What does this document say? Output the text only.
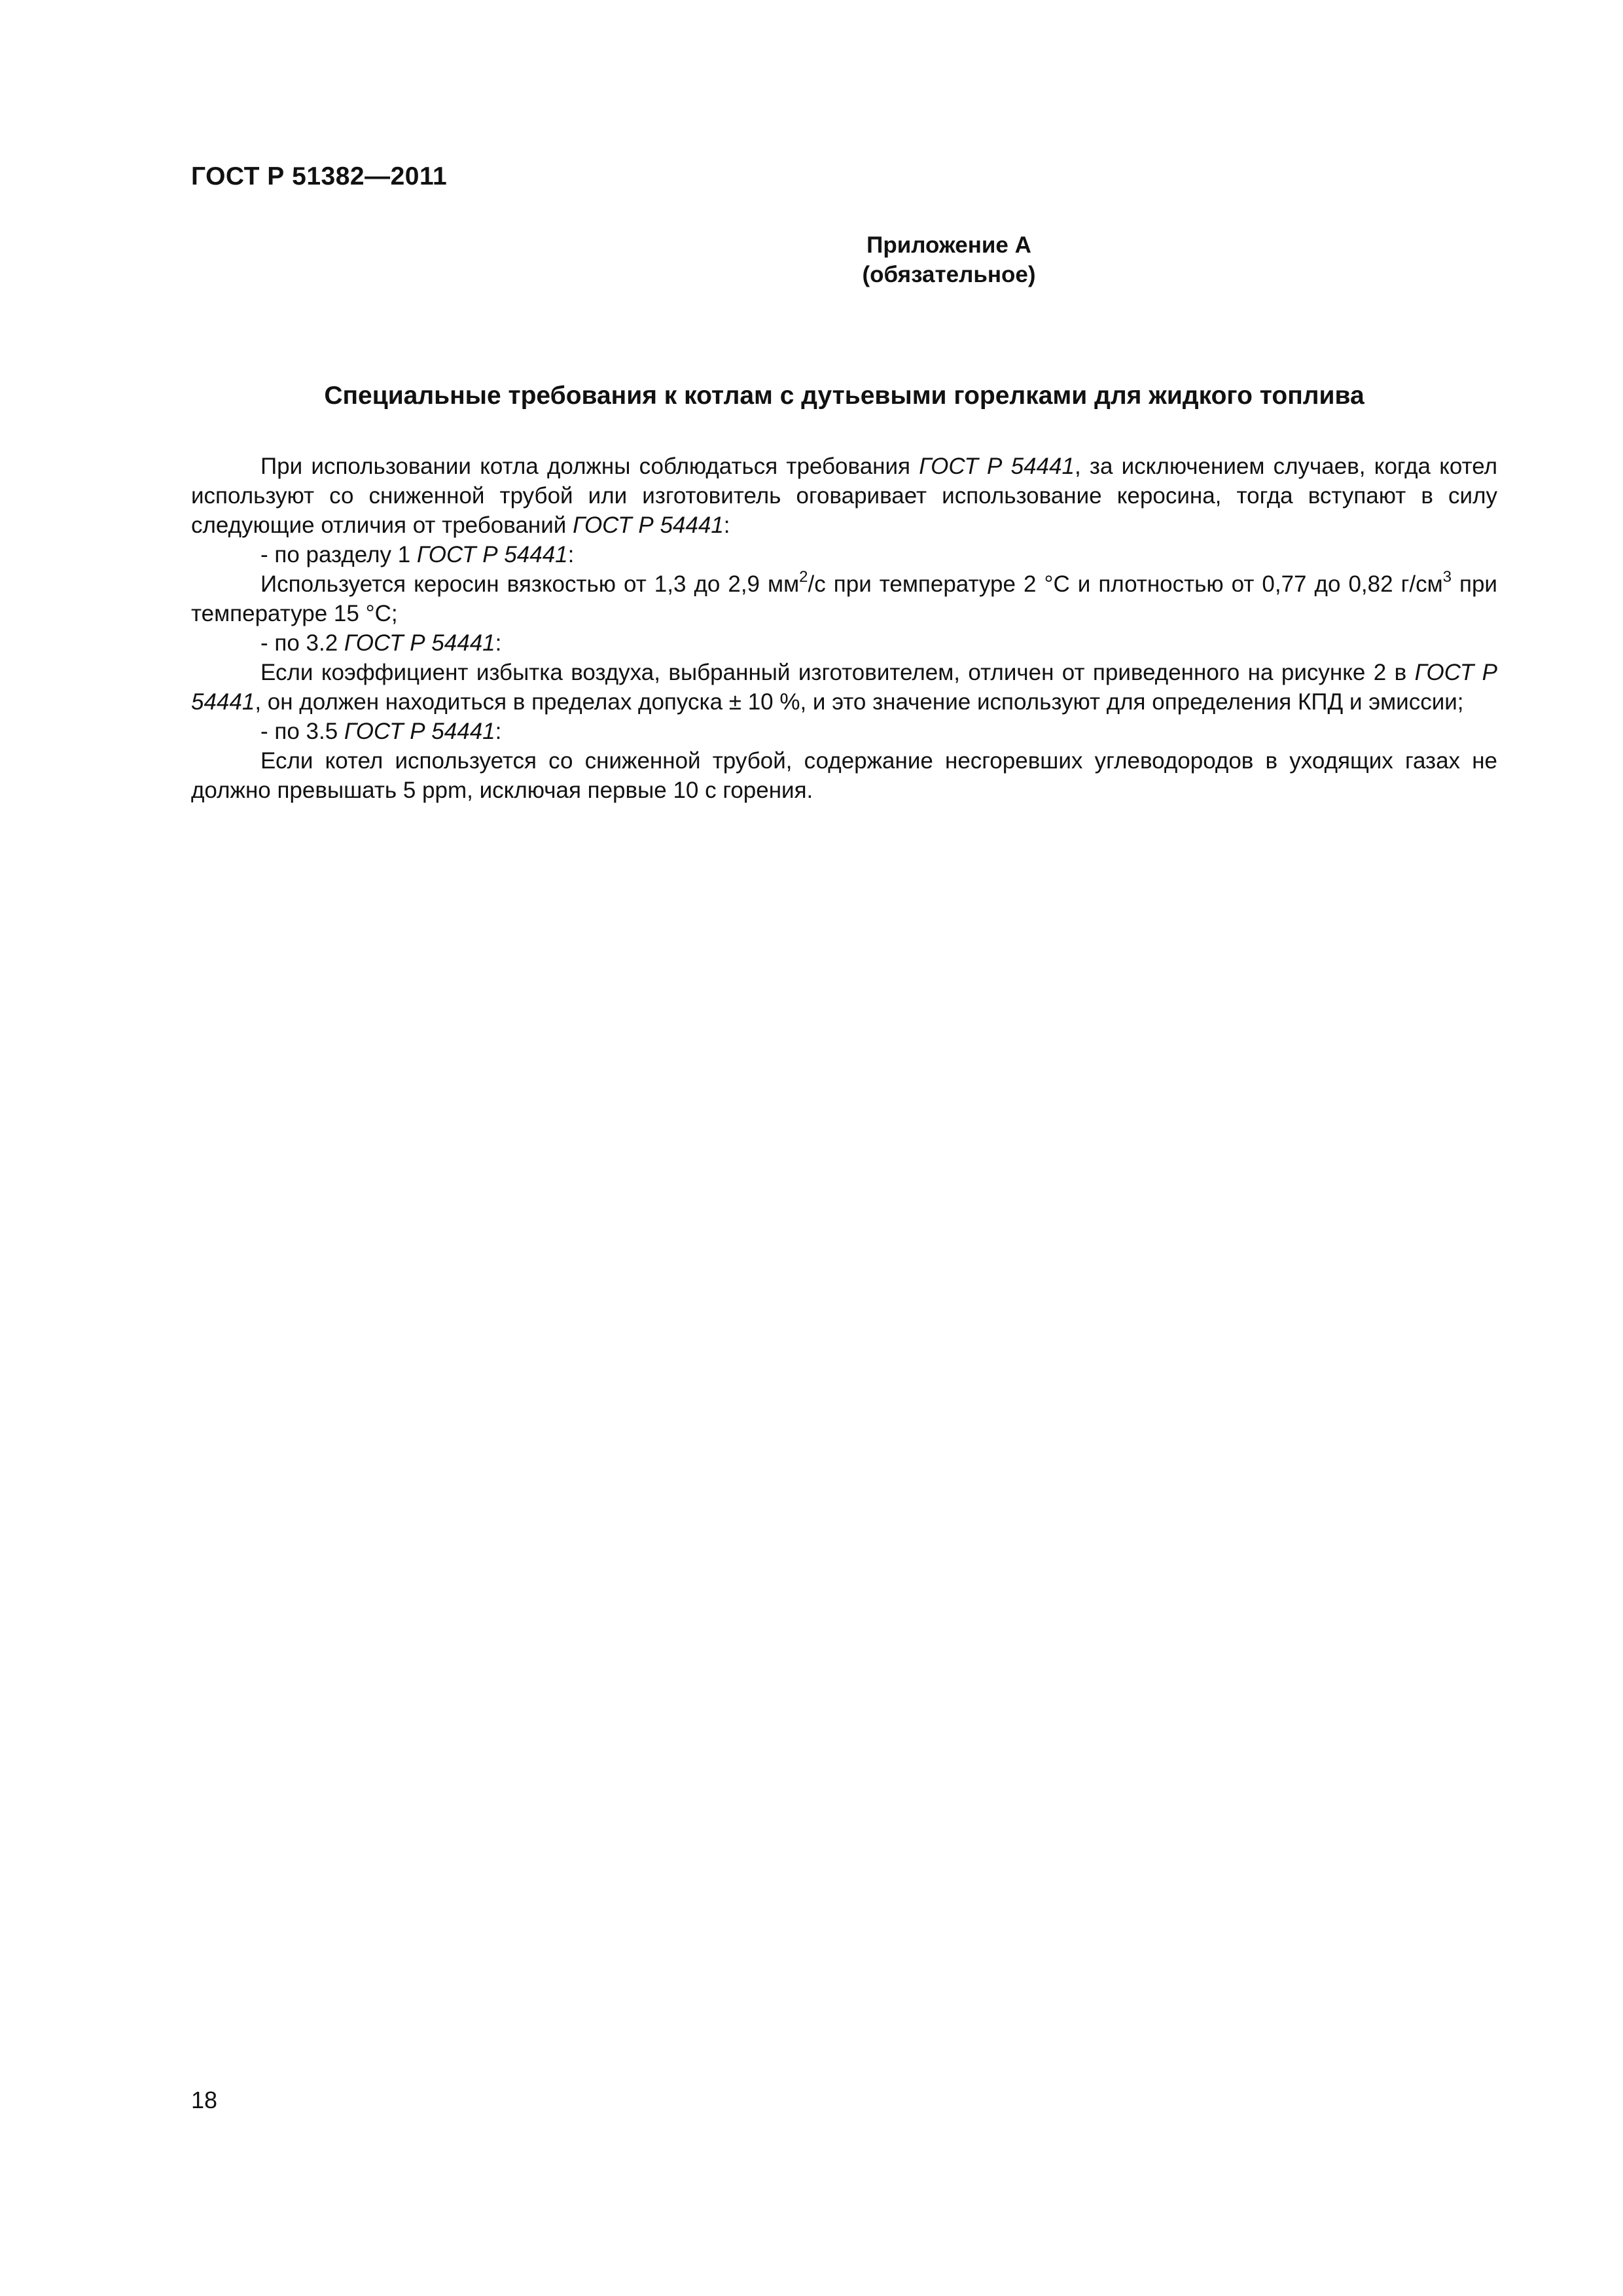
ГОСТ Р 51382—2011
Приложение А
(обязательное)
Специальные требования к котлам с дутьевыми горелками для жидкого топлива

При использовании котла должны соблюдаться требования ГОСТ Р 54441, за исключением случаев, когда котел используют со сниженной трубой или изготовитель оговаривает использование керосина, тогда вступают в силу следующие отличия от требований ГОСТ Р 54441:

- по разделу 1 ГОСТ Р 54441:

Используется керосин вязкостью от 1,3 до 2,9 $мм^2/с$ при температуре 2 °С и плотностью от 0,77 до 0,82 $г/см^3$ при температуре 15 °С;

- по 3.2 ГОСТ Р 54441:

Если коэффициент избытка воздуха, выбранный изготовителем, отличен от приведенного на рисунке 2 в ГОСТ Р 54441, он должен находиться в пределах допуска ± 10 %, и это значение используют для определения КПД и эмиссии;

- по 3.5 ГОСТ Р 54441:

Если котел используется со сниженной трубой, содержание несгоревших углеводородов в уходящих газах не должно превышать 5 ppm, исключая первые 10 с горения.

18
